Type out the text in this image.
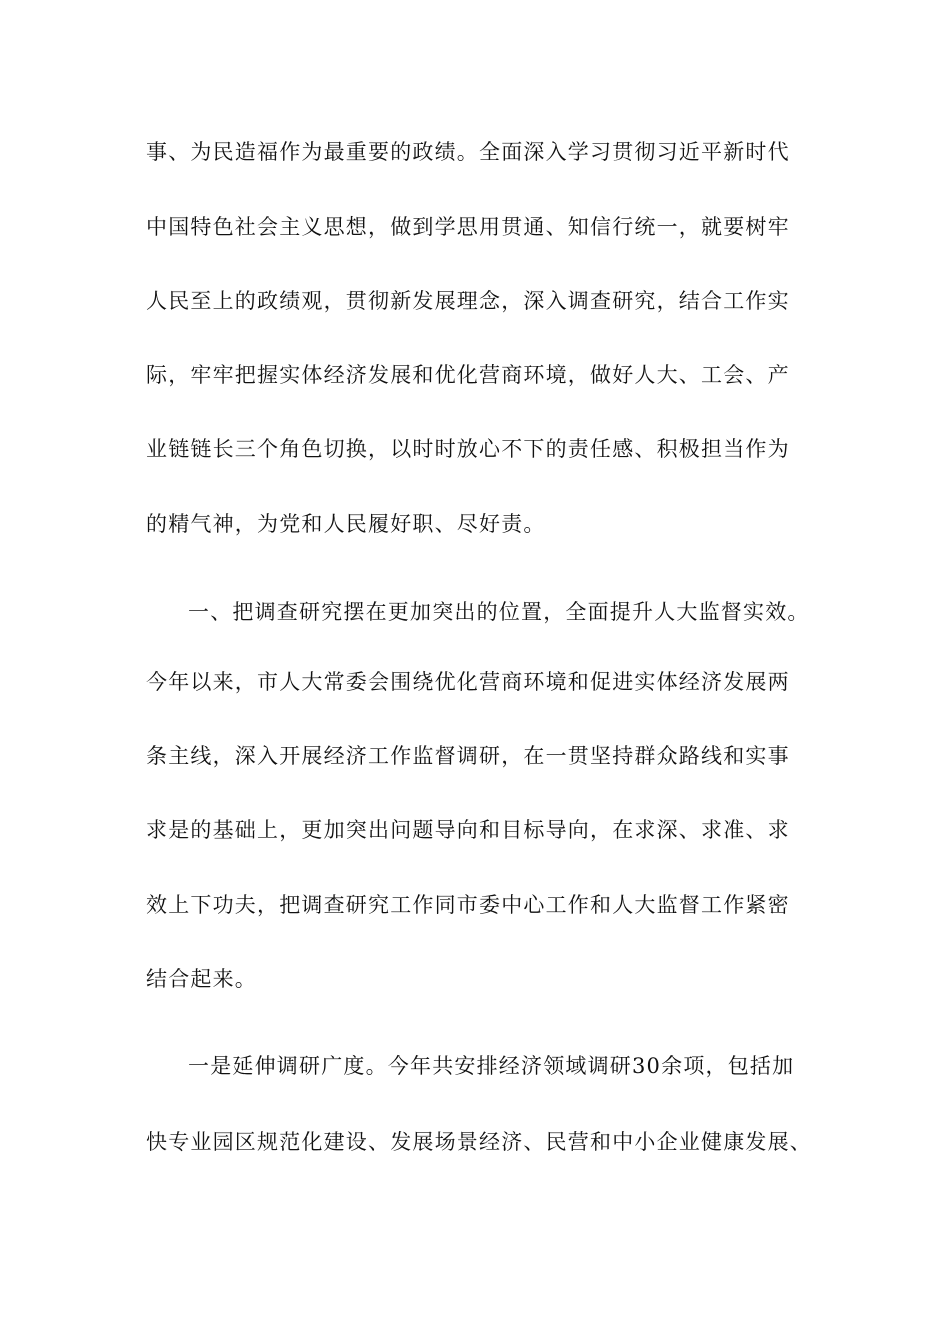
事、为民造福作为最重要的政绩。全面深入学习贯彻习近平新时代
中国特色社会主义思想，做到学思用贯通、知信行统一，就要树牢
人民至上的政绩观，贯彻新发展理念，深入调查研究，结合工作实
际，牢牢把握实体经济发展和优化营商环境，做好人大、工会、产
业链链长三个角色切换，以时时放心不下的责任感、积极担当作为
的精气神，为党和人民履好职、尽好责。
一、把调查研究摆在更加突出的位置，全面提升人大监督实效。
今年以来，市人大常委会围绕优化营商环境和促进实体经济发展两
条主线，深入开展经济工作监督调研，在一贯坚持群众路线和实事
求是的基础上，更加突出问题导向和目标导向，在求深、求准、求
效上下功夫，把调查研究工作同市委中心工作和人大监督工作紧密
结合起来。
一是延伸调研广度。今年共安排经济领域调研30余项，包括加
快专业园区规范化建设、发展场景经济、民营和中小企业健康发展、
